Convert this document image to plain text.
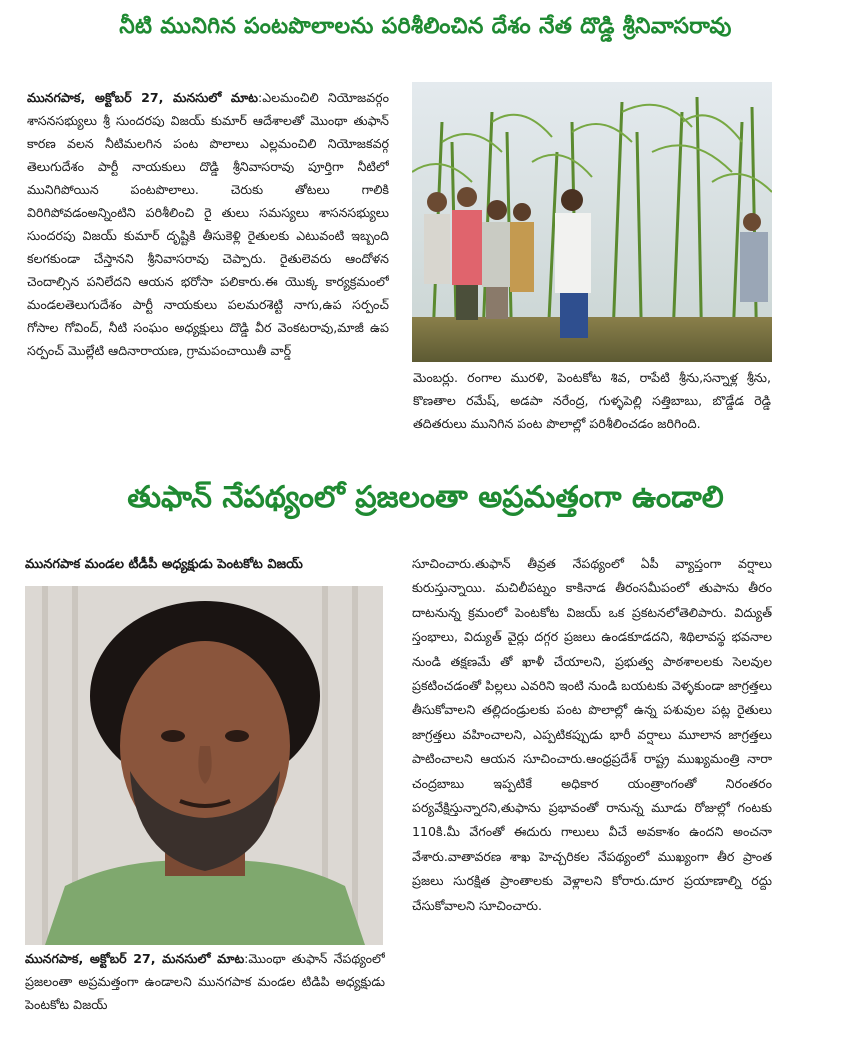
నీటి మునిగిన పంటపొలాలను పరిశీలించిన దేశం నేత దొడ్డి శ్రీనివాసరావు

మునగపాక, అక్టోబర్ 27, మనసులో మాట:ఎలమంచిలి నియోజవర్గం శాసనసభ్యులు శ్రీ సుందరపు విజయ్ కుమార్ ఆదేశాలతో మొంథా తుఫాన్ కారణ వలన నీటిమలగిన పంట పొలాలు ఎల్లమంచిలి నియోజకవర్గ తెలుగుదేశం పార్టీ నాయకులు దొడ్డి శ్రీనివాసరావు పూర్తిగా నీటిలో మునిగిపోయిన పంటపొలాలు. చెరుకు తోటలు గాలికి విరిగిపోవడంఅన్నింటిని పరిశీలించి రై తులు సమస్యలు శాసనసభ్యులు సుందరపు విజయ్ కుమార్ దృష్టికి తీసుకెళ్లి రైతులకు ఎటువంటి ఇబ్బంది కలగకుండా చేస్తానని శ్రీనివాసరావు చెప్పారు. రైతులెవరు ఆందోళన చెందాల్సిన పనిలేదని ఆయన భరోసా పలికారు.ఈ యొక్క కార్యక్రమంలో మండలతెలుగుదేశం పార్టీ నాయకులు పలమరశెట్టి నాగు,ఉప సర్పంచ్ గోసాల గోవింద్, నీటి సంఘం అధ్యక్షులు దొడ్డి వీర వెంకటరావు,మాజీ ఉప సర్పంచ్ మొల్లేటి ఆదినారాయణ, గ్రామపంచాయితీ వార్డ్

మెంబర్లు. రంగాల మురళి, పెంటకోట శివ, రాపేటి శ్రీను,సన్నాళ్ల శ్రీను, కొణతాల రమేష్, అడపా నరేంద్ర, గుళ్ళపెల్లి సత్తిబాబు, బొడ్డేడ రెడ్డి తదితరులు మునిగిన పంట పొలాల్లో పరిశీలించడం జరిగింది.

తుఫాన్ నేపథ్యంలో ప్రజలంతా అప్రమత్తంగా ఉండాలి
మునగపాక మండల టీడీపీ అధ్యక్షుడు పెంటకోట విజయ్

మునగపాక, అక్టోబర్ 27, మనసులో మాట:మొంథా తుఫాన్ నేపథ్యంలో ప్రజలంతా అప్రమత్తంగా ఉండాలని మునగపాక మండల టిడిపి అధ్యక్షుడు పెంటకోట విజయ్

సూచించారు.తుఫాన్ తీవ్రత నేపథ్యంలో ఏపీ వ్యాప్తంగా వర్షాలు కురుస్తున్నాయి. మచిలీపట్నం కాకినాడ తీరంసమీపంలో తుపాను తీరం దాటనున్న క్రమంలో పెంటకోట విజయ్ ఒక ప్రకటనలోతెలిపారు. విద్యుత్ స్తంభాలు, విద్యుత్ వైర్లు దగ్గర ప్రజలు ఉండకూడదని, శిథిలావస్థ భవనాల నుండి తక్షణమే తో ఖాళీ చేయాలని, ప్రభుత్వ పాఠశాలలకు సెలవుల ప్రకటించడంతో పిల్లలు ఎవరిని ఇంటి నుండి బయటకు వెళ్ళకుండా జాగ్రత్తలు తీసుకోవాలని తల్లిదండ్రులకు పంట పొలాల్లో ఉన్న పశువుల పట్ల రైతులు జాగ్రత్తలు వహించాలని, ఎప్పటికప్పుడు భారీ వర్షాలు మూలాన జాగ్రత్తలు పాటించాలని ఆయన సూచించారు.ఆంధ్రప్రదేశ్ రాష్ట్ర ముఖ్యమంత్రి నారా చంద్రబాబు ఇప్పటికే అధికార యంత్రాంగంతో నిరంతరం పర్యవేక్షిస్తున్నారని,తుఫాను ప్రభావంతో రానున్న మూడు రోజుల్లో గంటకు 110కి.మీ వేగంతో ఈదురు గాలులు వీచే అవకాశం ఉందని అంచనా వేశారు.వాతావరణ శాఖ హెచ్చరికల నేపథ్యంలో ముఖ్యంగా తీర ప్రాంత ప్రజలు సురక్షిత ప్రాంతాలకు వెళ్లాలని కోరారు.దూర ప్రయాణాల్ని రద్దు చేసుకోవాలని సూచించారు.
